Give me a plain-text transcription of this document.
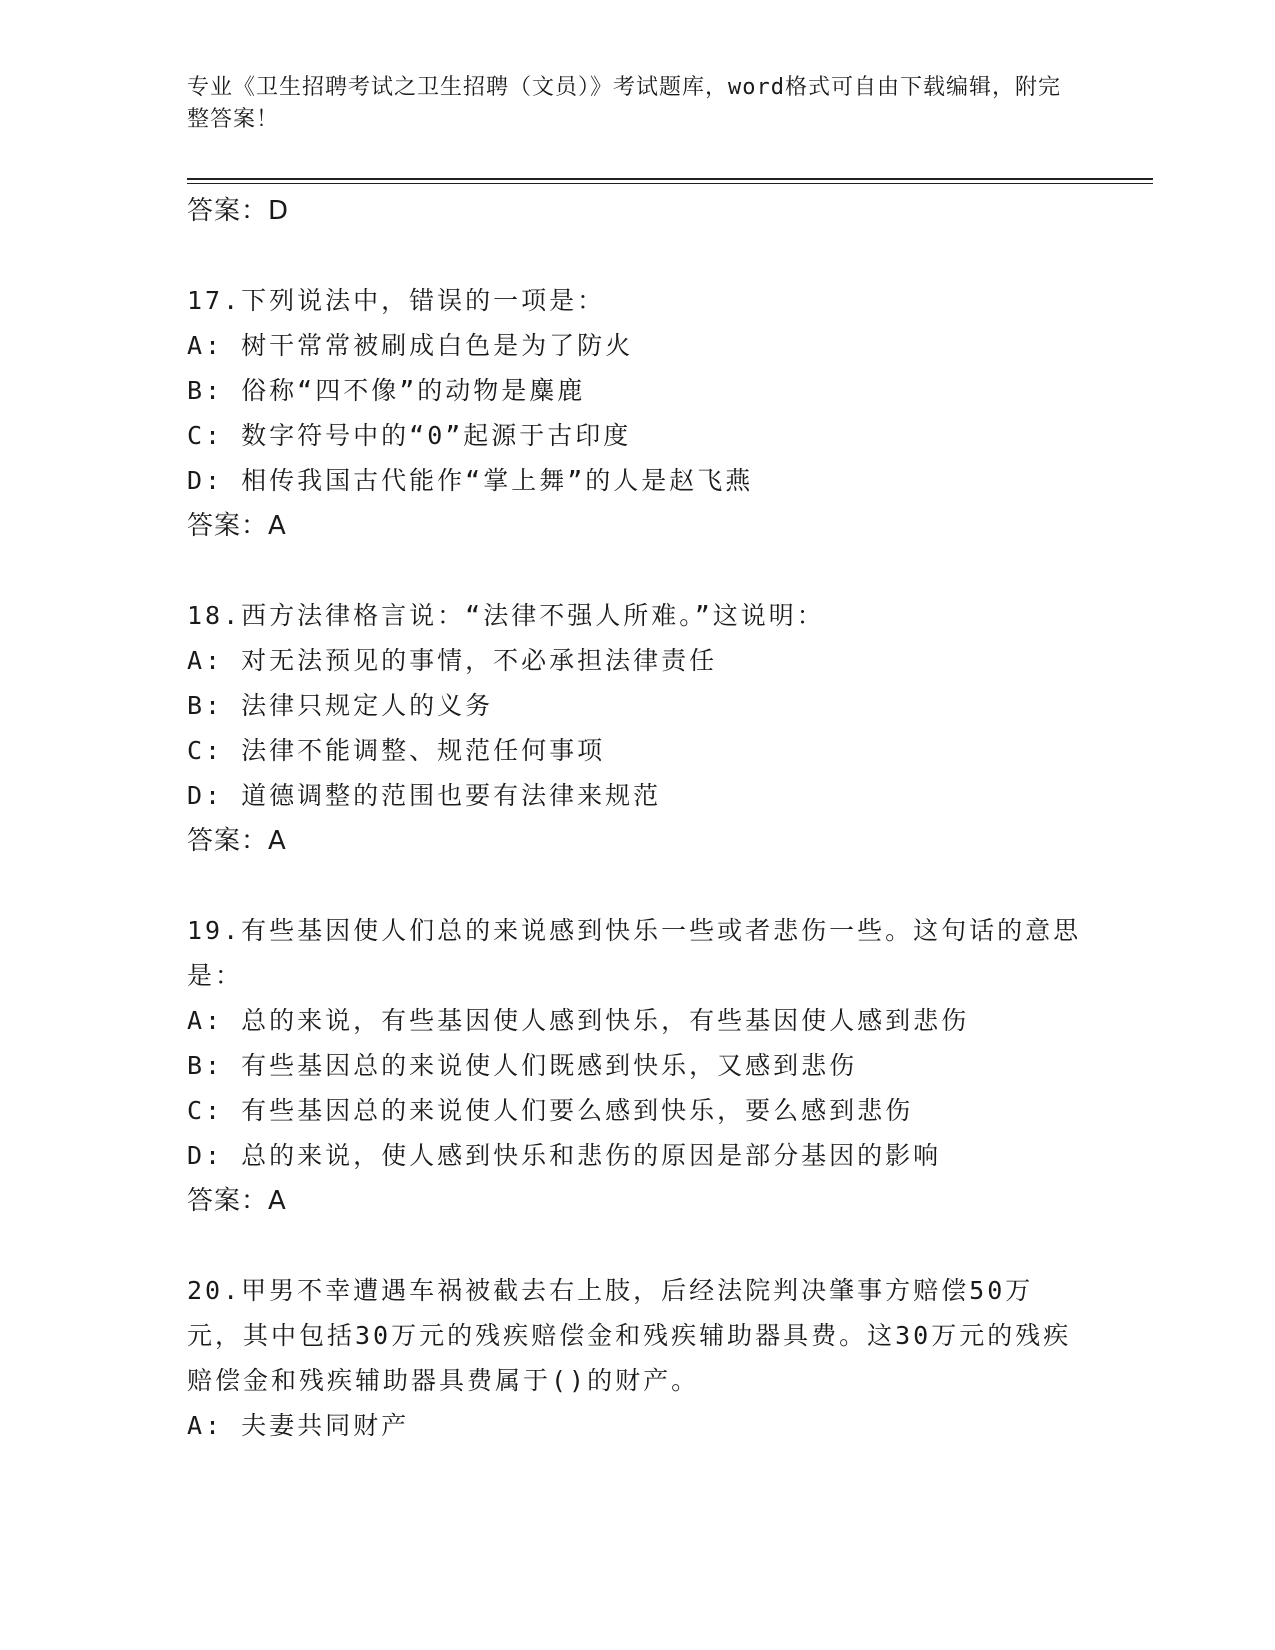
专业《卫生招聘考试之卫生招聘（文员）》考试题库，word格式可自由下载编辑，附完整答案！
答案：D
17.下列说法中，错误的一项是：
A: 树干常常被刷成白色是为了防火
B: 俗称“四不像”的动物是麋鹿
C: 数字符号中的“0”起源于古印度
D: 相传我国古代能作“掌上舞”的人是赵飞燕
答案：A
18.西方法律格言说：“法律不强人所难。”这说明：
A: 对无法预见的事情，不必承担法律责任
B: 法律只规定人的义务
C: 法律不能调整、规范任何事项
D: 道德调整的范围也要有法律来规范
答案：A
19.有些基因使人们总的来说感到快乐一些或者悲伤一些。这句话的意思是：
A: 总的来说，有些基因使人感到快乐，有些基因使人感到悲伤
B: 有些基因总的来说使人们既感到快乐，又感到悲伤
C: 有些基因总的来说使人们要么感到快乐，要么感到悲伤
D: 总的来说，使人感到快乐和悲伤的原因是部分基因的影响
答案：A
20.甲男不幸遭遇车祸被截去右上肢，后经法院判决肇事方赔偿50万元，其中包括30万元的残疾赔偿金和残疾辅助器具费。这30万元的残疾赔偿金和残疾辅助器具费属于()的财产。
A: 夫妻共同财产
